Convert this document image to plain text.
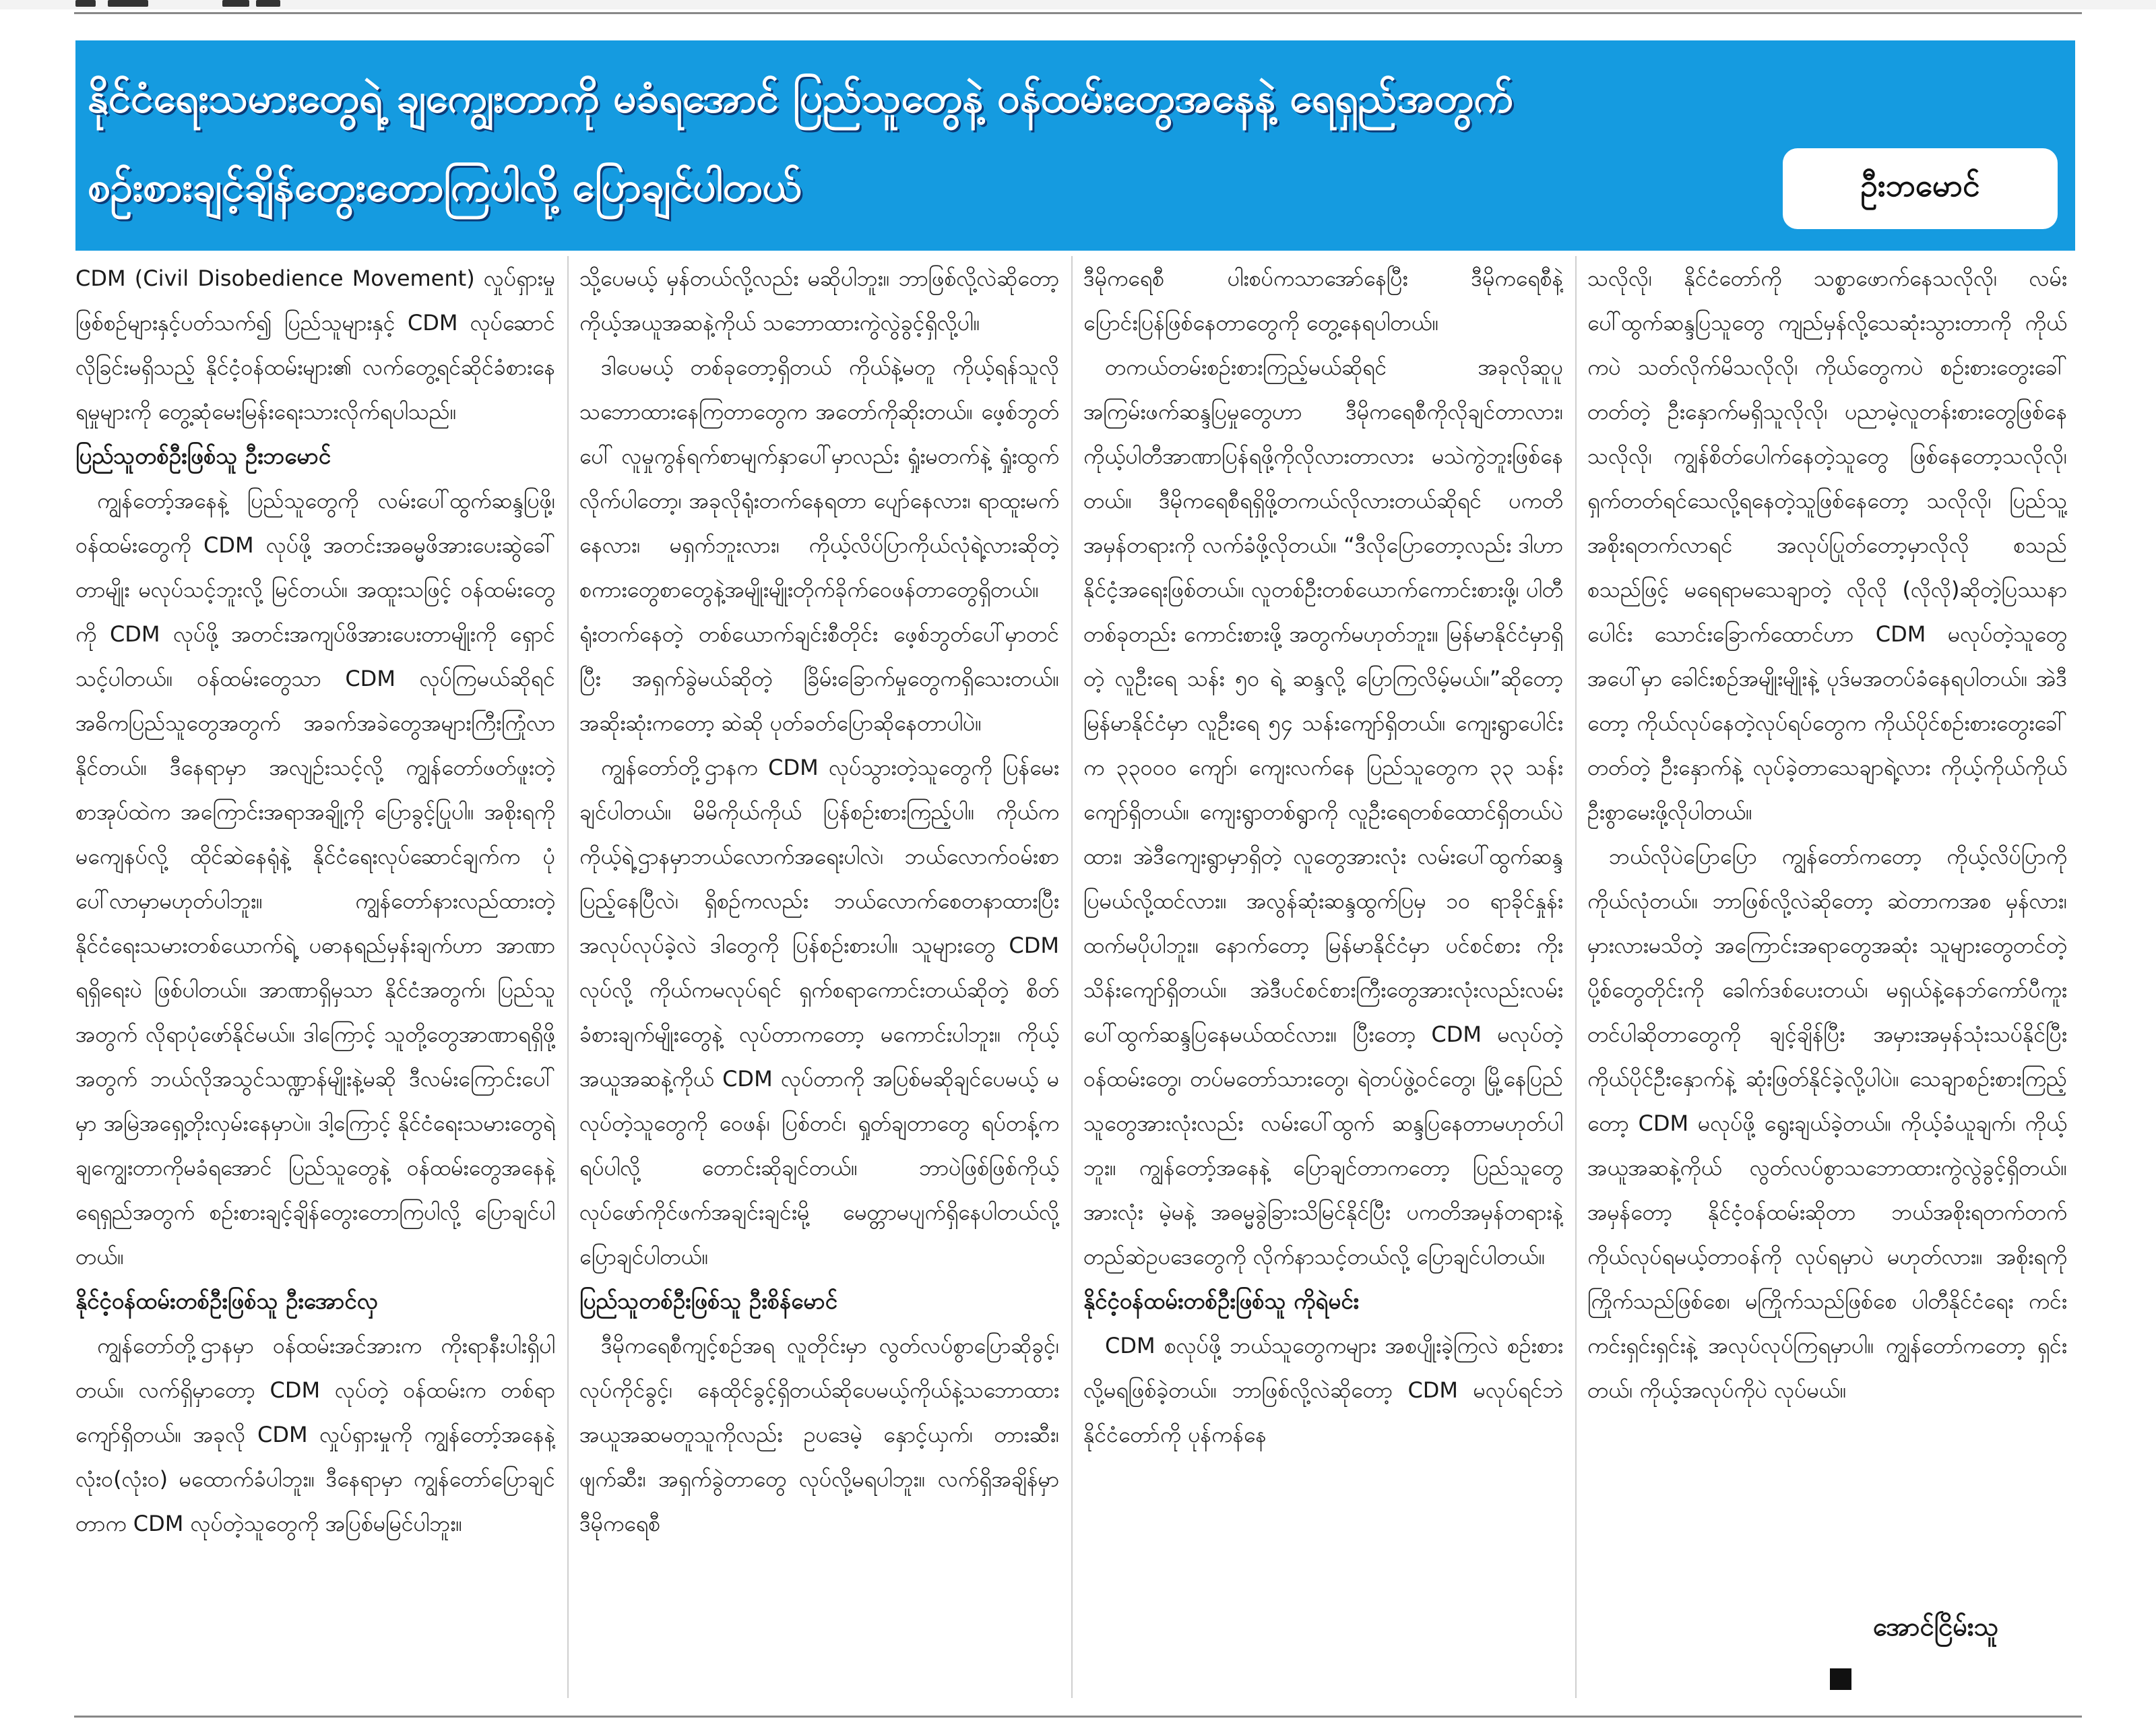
နိုင်ငံရေးသမားတွေရဲ့ ချကျွေးတာကို မခံရအောင် ပြည်သူတွေနဲ့ ဝန်ထမ်းတွေအနေနဲ့ ရေရှည်အတွက်
စဉ်းစားချင့်ချိန်တွေးတောကြပါလို့ ပြောချင်ပါတယ်	ဦးဘမောင်

CDM (Civil Disobedience Movement) လှုပ်ရှားမှုဖြစ်စဉ်များနှင့်ပတ်သက်၍ ပြည်သူများနှင့် CDM လုပ်ဆောင်လိုခြင်းမရှိသည့် နိုင်ငံ့ဝန်ထမ်းများ၏ လက်တွေ့ရင်ဆိုင်ခံစားနေရမှုများကို တွေ့ဆုံမေးမြန်းရေးသားလိုက်ရပါသည်။

ပြည်သူတစ်ဦးဖြစ်သူ ဦးဘမောင်

ကျွန်တော့်အနေနဲ့ ပြည်သူတွေကို လမ်းပေါ်ထွက်ဆန္ဒပြဖို့၊ ဝန်ထမ်းတွေကို CDM လုပ်ဖို့ အတင်းအဓမ္မဖိအားပေးဆွဲခေါ်တာမျိုး မလုပ်သင့်ဘူးလို့ မြင်တယ်။ အထူးသဖြင့် ဝန်ထမ်းတွေကို CDM လုပ်ဖို့ အတင်းအကျပ်ဖိအားပေးတာမျိုးကို ရှောင်သင့်ပါတယ်။ ဝန်ထမ်းတွေသာ CDM လုပ်ကြမယ်ဆိုရင် အဓိကပြည်သူတွေအတွက် အခက်အခဲတွေအများကြီးကြုံလာနိုင်တယ်။ ဒီနေရာမှာ အလျဉ်းသင့်လို့ ကျွန်တော်ဖတ်ဖူးတဲ့စာအုပ်ထဲက အကြောင်းအရာအချို့ကို ပြောခွင့်ပြုပါ။ အစိုးရကို မကျေနပ်လို့ ထိုင်ဆဲနေရုံနဲ့ နိုင်ငံရေးလုပ်ဆောင်ချက်က ပုံပေါ်လာမှာမဟုတ်ပါဘူး။ ကျွန်တော်နားလည်ထားတဲ့ နိုင်ငံရေးသမားတစ်ယောက်ရဲ့ ပဓာနရည်မှန်းချက်ဟာ အာဏာရရှိရေးပဲ ဖြစ်ပါတယ်။ အာဏာရှိမှသာ နိုင်ငံအတွက်၊ ပြည်သူအတွက် လိုရာပုံဖော်နိုင်မယ်။ ဒါကြောင့် သူတို့တွေအာဏာရရှိဖို့အတွက် ဘယ်လိုအသွင်သဏ္ဍာန်မျိုးနဲ့မဆို ဒီလမ်းကြောင်းပေါ်မှာ အမြဲအရှေ့တိုးလှမ်းနေမှာပဲ။ ဒါ့ကြောင့် နိုင်ငံရေးသမားတွေရဲ့ ချကျွေးတာကိုမခံရအောင် ပြည်သူတွေနဲ့ ဝန်ထမ်းတွေအနေနဲ့ ရေရှည်အတွက် စဉ်းစားချင့်ချိန်တွေးတောကြပါလို့ ပြောချင်ပါတယ်။

နိုင်ငံ့ဝန်ထမ်းတစ်ဦးဖြစ်သူ ဦးအောင်လှ

ကျွန်တော်တို့ဌာနမှာ ဝန်ထမ်းအင်အားက ကိုးရာနီးပါးရှိပါတယ်။ လက်ရှိမှာတော့ CDM လုပ်တဲ့ ဝန်ထမ်းက တစ်ရာကျော်ရှိတယ်။ အခုလို CDM လှုပ်ရှားမှုကို ကျွန်တော့်အနေနဲ့ လုံးဝ(လုံးဝ) မထောက်ခံပါဘူး။ ဒီနေရာမှာ ကျွန်တော်ပြောချင်တာက CDM လုပ်တဲ့သူတွေကို အပြစ်မမြင်ပါဘူး။

သို့ပေမယ့် မှန်တယ်လို့လည်း မဆိုပါဘူး။ ဘာဖြစ်လို့လဲဆိုတော့ ကိုယ့်အယူအဆနဲ့ကိုယ် သဘောထားကွဲလွဲခွင့်ရှိလို့ပါ။

ဒါပေမယ့် တစ်ခုတော့ရှိတယ် ကိုယ်နဲ့မတူ ကိုယ့်ရန်သူလို သဘောထားနေကြတာတွေက အတော်ကိုဆိုးတယ်။ ဖေ့စ်ဘွတ်ပေါ် လူမှုကွန်ရက်စာမျက်နှာပေါ်မှာလည်း ရှုံးမတက်နဲ့ ရှုံးထွက်လိုက်ပါတော့၊ အခုလိုရုံးတက်နေရတာ ပျော်နေလား၊ ရာထူးမက်နေလား၊ မရှက်ဘူးလား၊ ကိုယ့်လိပ်ပြာကိုယ်လုံရဲ့လားဆိုတဲ့စကားတွေစာတွေနဲ့အမျိုးမျိုးတိုက်ခိုက်ဝေဖန်တာတွေရှိတယ်။ ရုံးတက်နေတဲ့ တစ်ယောက်ချင်းစီတိုင်း ဖေ့စ်ဘွတ်ပေါ်မှာတင်ပြီး အရှက်ခွဲမယ်ဆိုတဲ့ ခြိမ်းခြောက်မှုတွေကရှိသေးတယ်။ အဆိုးဆုံးကတော့ ဆဲဆို ပုတ်ခတ်ပြောဆိုနေတာပါပဲ။

ကျွန်တော်တို့ဌာနက CDM လုပ်သွားတဲ့သူတွေကို ပြန်မေးချင်ပါတယ်။ မိမိကိုယ်ကိုယ် ပြန်စဉ်းစားကြည့်ပါ။ ကိုယ်က ကိုယ့်ရဲ့ဌာနမှာဘယ်လောက်အရေးပါလဲ၊ ဘယ်လောက်ဝမ်းစာပြည့်နေပြီလဲ၊ ရှိစဉ်ကလည်း ဘယ်လောက်စေတနာထားပြီး အလုပ်လုပ်ခဲ့လဲ ဒါတွေကို ပြန်စဉ်းစားပါ။ သူများတွေ CDM လုပ်လို့ ကိုယ်ကမလုပ်ရင် ရှက်စရာကောင်းတယ်ဆိုတဲ့ စိတ်ခံစားချက်မျိုးတွေနဲ့ လုပ်တာကတော့ မကောင်းပါဘူး။ ကိုယ့်အယူအဆနဲ့ကိုယ် CDM လုပ်တာကို အပြစ်မဆိုချင်ပေမယ့် မလုပ်တဲ့သူတွေကို ဝေဖန်၊ ပြစ်တင်၊ ရှုတ်ချတာတွေ ရပ်တန့်ကရပ်ပါလို့ တောင်းဆိုချင်တယ်။ ဘာပဲဖြစ်ဖြစ်ကိုယ့်လုပ်ဖော်ကိုင်ဖက်အချင်းချင်းမို့ မေတ္တာမပျက်ရှိနေပါတယ်လို့ ပြောချင်ပါတယ်။

ပြည်သူတစ်ဦးဖြစ်သူ ဦးစိန်မောင်

ဒီမိုကရေစီကျင့်စဉ်အရ လူတိုင်းမှာ လွတ်လပ်စွာပြောဆိုခွင့်၊ လုပ်ကိုင်ခွင့်၊ နေထိုင်ခွင့်ရှိတယ်ဆိုပေမယ့်ကိုယ်နဲ့သဘောထားအယူအဆမတူသူကိုလည်း ဥပဒေမဲ့ နှောင့်ယှက်၊ တားဆီး၊ ဖျက်ဆီး၊ အရှက်ခွဲတာတွေ လုပ်လို့မရပါဘူး။ လက်ရှိအချိန်မှာ ဒီမိုကရေစီ

ဒီမိုကရေစီ ပါးစပ်ကသာအော်နေပြီး ဒီမိုကရေစီနဲ့ ပြောင်းပြန်ဖြစ်နေတာတွေကို တွေ့နေရပါတယ်။

တကယ်တမ်းစဉ်းစားကြည့်မယ်ဆိုရင် အခုလိုဆူပူအကြမ်းဖက်ဆန္ဒပြမှုတွေဟာ ဒီမိုကရေစီကိုလိုချင်တာလား၊ ကိုယ့်ပါတီအာဏာပြန်ရဖို့ကိုလိုလားတာလား မသဲကွဲဘူးဖြစ်နေတယ်။ ဒီမိုကရေစီရရှိဖို့တကယ်လိုလားတယ်ဆိုရင် ပကတိအမှန်တရားကို လက်ခံဖို့လိုတယ်။ “ဒီလိုပြောတော့လည်း ဒါဟာ နိုင်ငံ့အရေးဖြစ်တယ်။ လူတစ်ဦးတစ်ယောက်ကောင်းစားဖို့၊ ပါတီတစ်ခုတည်း ကောင်းစားဖို့ အတွက်မဟုတ်ဘူး။ မြန်မာနိုင်ငံမှာရှိတဲ့ လူဦးရေ သန်း ၅၀ ရဲ့ ဆန္ဒလို့ ပြောကြလိမ့်မယ်။”ဆိုတော့ မြန်မာနိုင်ငံမှာ လူဦးရေ ၅၄ သန်းကျော်ရှိတယ်။ ကျေးရွာပေါင်းက ၃၃၀၀၀ ကျော်၊ ကျေးလက်နေ ပြည်သူတွေက ၃၃ သန်းကျော်ရှိတယ်။ ကျေးရွာတစ်ရွာကို လူဦးရေတစ်ထောင်ရှိတယ်ပဲထား၊ အဲဒီကျေးရွာမှာရှိတဲ့ လူတွေအားလုံး လမ်းပေါ်ထွက်ဆန္ဒပြမယ်လို့ထင်လား။ အလွန်ဆုံးဆန္ဒထွက်ပြမှ ၁၀ ရာခိုင်နှုန်းထက်မပိုပါဘူး။ နောက်တော့ မြန်မာနိုင်ငံမှာ ပင်စင်စား ကိုးသိန်းကျော်ရှိတယ်။ အဲဒီပင်စင်စားကြီးတွေအားလုံးလည်းလမ်းပေါ်ထွက်ဆန္ဒပြနေမယ်ထင်လား။ ပြီးတော့ CDM မလုပ်တဲ့ ဝန်ထမ်းတွေ၊ တပ်မတော်သားတွေ၊ ရဲတပ်ဖွဲ့ဝင်တွေ၊ မြို့နေပြည်သူတွေအားလုံးလည်း လမ်းပေါ်ထွက် ဆန္ဒပြနေတာမဟုတ်ပါဘူး။ ကျွန်တော့်အနေနဲ့ ပြောချင်တာကတော့ ပြည်သူတွေအားလုံး မဲ့မနဲ့ အဓမ္မခွဲခြားသိမြင်နိုင်ပြီး ပကတိအမှန်တရားနဲ့ တည်ဆဲဥပဒေတွေကို လိုက်နာသင့်တယ်လို့ ပြောချင်ပါတယ်။

နိုင်ငံ့ဝန်ထမ်းတစ်ဦးဖြစ်သူ ကိုရဲမင်း

CDM စလုပ်ဖို့ ဘယ်သူတွေကများ အစပျိုးခဲ့ကြလဲ စဉ်းစားလို့မရဖြစ်ခဲ့တယ်။ ဘာဖြစ်လို့လဲဆိုတော့ CDM မလုပ်ရင်ဘဲ နိုင်ငံတော်ကို ပုန်ကန်နေ

သလိုလို၊ နိုင်ငံတော်ကို သစ္စာဖောက်နေသလိုလို၊ လမ်းပေါ်ထွက်ဆန္ဒပြသူတွေ ကျည်မှန်လို့သေဆုံးသွားတာကို ကိုယ်ကပဲ သတ်လိုက်မိသလိုလို၊ ကိုယ်တွေကပဲ စဉ်းစားတွေးခေါ်တတ်တဲ့ ဦးနှောက်မရှိသူလိုလို၊ ပညာမဲ့လူတန်းစားတွေဖြစ်နေသလိုလို၊ ကျွန်စိတ်ပေါက်နေတဲ့သူတွေ ဖြစ်နေတော့သလိုလို၊ ရှက်တတ်ရင်သေလို့ရနေတဲ့သူဖြစ်နေတော့ သလိုလို၊ ပြည်သူ့အစိုးရတက်လာရင် အလုပ်ပြုတ်တော့မှာလိုလို စသည်စသည်ဖြင့် မရေရာမသေချာတဲ့ လိုလို (လိုလို)ဆိုတဲ့ပြဿနာပေါင်း သောင်းခြောက်ထောင်ဟာ CDM မလုပ်တဲ့သူတွေအပေါ်မှာ ခေါင်းစဉ်အမျိုးမျိုးနဲ့ ပုဒ်မအတပ်ခံနေရပါတယ်။ အဲဒီတော့ ကိုယ်လုပ်နေတဲ့လုပ်ရပ်တွေက ကိုယ်ပိုင်စဉ်းစားတွေးခေါ်တတ်တဲ့ ဦးနှောက်နဲ့ လုပ်ခဲ့တာသေချာရဲ့လား ကိုယ့်ကိုယ်ကိုယ် ဦးစွာမေးဖို့လိုပါတယ်။

ဘယ်လိုပဲပြောပြော ကျွန်တော်ကတော့ ကိုယ့်လိပ်ပြာကို ကိုယ်လုံတယ်။ ဘာဖြစ်လို့လဲဆိုတော့ ဆဲတာကအစ မှန်လား၊ မှားလားမသိတဲ့ အကြောင်းအရာတွေအဆုံး သူများတွေတင်တဲ့ ပို့စ်တွေတိုင်းကို ခေါက်ဒစ်ပေးတယ်၊ မရှယ်နဲ့နေဘ်ကော်ပီကူးတင်ပါဆိုတာတွေကို ချင့်ချိန်ပြီး အမှားအမှန်သုံးသပ်နိုင်ပြီး ကိုယ်ပိုင်ဦးနှောက်နဲ့ ဆုံးဖြတ်နိုင်ခဲ့လို့ပါပဲ။ သေချာစဉ်းစားကြည့်တော့ CDM မလုပ်ဖို့ ရွေးချယ်ခဲ့တယ်။ ကိုယ့်ခံယူချက်၊ ကိုယ့်အယူအဆနဲ့ကိုယ် လွတ်လပ်စွာသဘောထားကွဲလွဲခွင့်ရှိတယ်။ အမှန်တော့ နိုင်ငံ့ဝန်ထမ်းဆိုတာ ဘယ်အစိုးရတက်တက် ကိုယ်လုပ်ရမယ့်တာဝန်ကို လုပ်ရမှာပဲ မဟုတ်လား။ အစိုးရကို ကြိုက်သည်ဖြစ်စေ၊ မကြိုက်သည်ဖြစ်စေ ပါတီနိုင်ငံရေး ကင်းကင်းရှင်းရှင်းနဲ့ အလုပ်လုပ်ကြရမှာပါ။ ကျွန်တော်ကတော့ ရှင်းတယ်၊ ကိုယ့်အလုပ်ကိုပဲ လုပ်မယ်။

အောင်ငြိမ်းသူ
